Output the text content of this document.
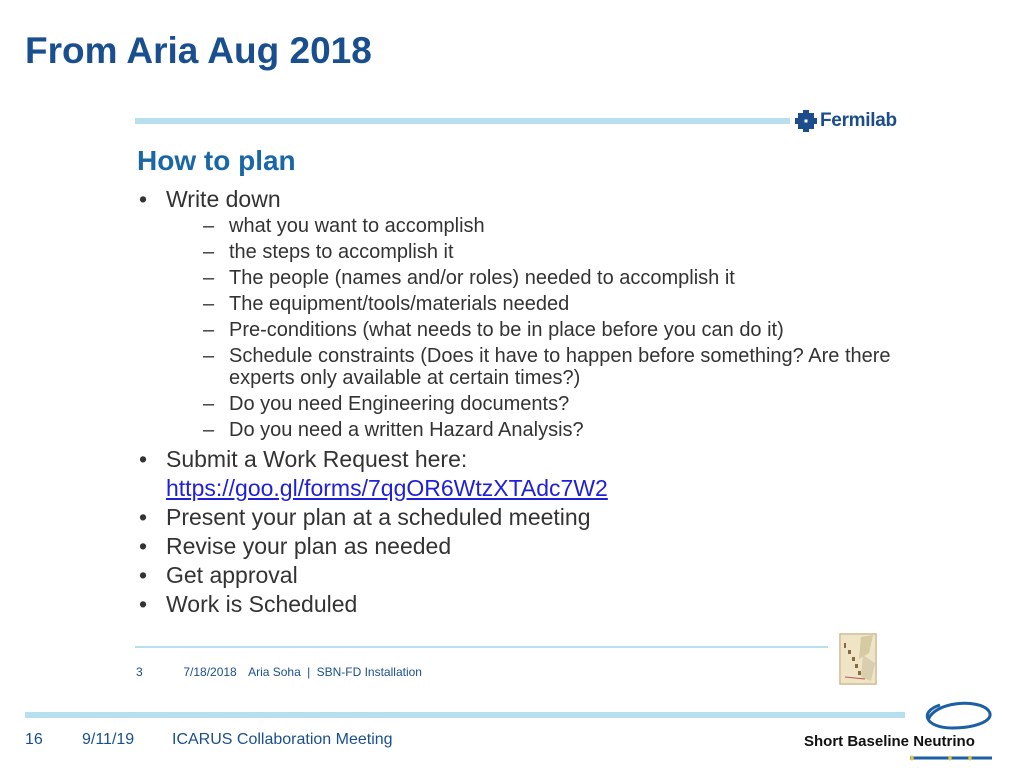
From Aria Aug 2018
Fermilab
How to plan
• Write down
– what you want to accomplish
– the steps to accomplish it
– The people (names and/or roles) needed to accomplish it
– The equipment/tools/materials needed
– Pre-conditions (what needs to be in place before you can do it)
– Schedule constraints (Does it have to happen before something? Are there experts only available at certain times?)
– Do you need Engineering documents?
– Do you need a written Hazard Analysis?
• Submit a Work Request here:
https://goo.gl/forms/7qgOR6WtzXTAdc7W2
• Present your plan at a scheduled meeting
• Revise your plan as needed
• Get approval
• Work is Scheduled
3	7/18/2018 Aria Soha | SBN-FD Installation
16 9/11/19 ICARUS Collaboration Meeting	Short Baseline Neutrino
